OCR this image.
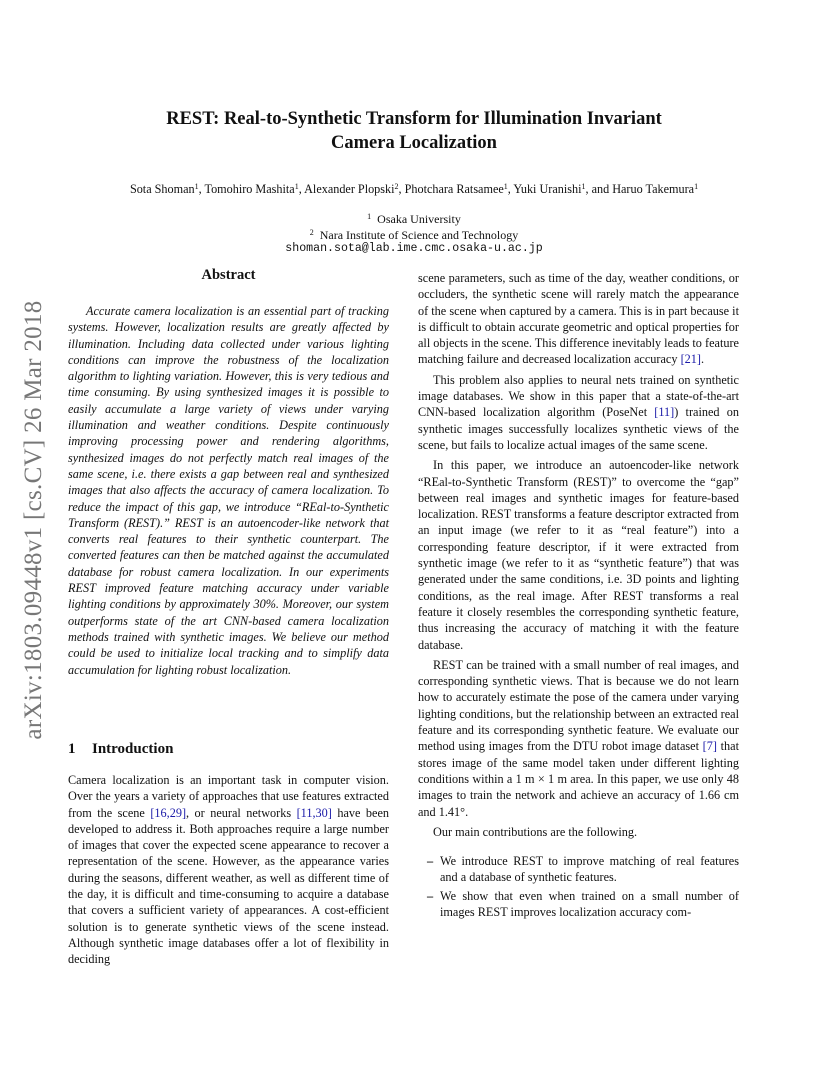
arXiv:1803.09448v1 [cs.CV] 26 Mar 2018
REST: Real-to-Synthetic Transform for Illumination Invariant
Camera Localization
Sota Shoman$^1$, Tomohiro Mashita$^1$, Alexander Plopski$^2$, Photchara Ratsamee$^1$, Yuki Uranishi$^1$, and Haruo Takemura$^1$
$^1$ Osaka University
$^2$ Nara Institute of Science and Technology
shoman.sota@lab.ime.cmc.osaka-u.ac.jp
Abstract

Accurate camera localization is an essential part of tracking systems. However, localization results are greatly affected by illumination. Including data collected under various lighting conditions can improve the robustness of the localization algorithm to lighting variation. However, this is very tedious and time consuming. By using synthesized images it is possible to easily accumulate a large variety of views under varying illumination and weather conditions. Despite continuously improving processing power and rendering algorithms, synthesized images do not perfectly match real images of the same scene, i.e. there exists a gap between real and synthesized images that also affects the accuracy of camera localization. To reduce the impact of this gap, we introduce “REal-to-Synthetic Transform (REST).” REST is an autoencoder-like network that converts real features to their synthetic counterpart. The converted features can then be matched against the accumulated database for robust camera localization. In our experiments REST improved feature matching accuracy under variable lighting conditions by approximately 30%. Moreover, our system outperforms state of the art CNN-based camera localization methods trained with synthetic images. We believe our method could be used to initialize local tracking and to simplify data accumulation for lighting robust localization.

1 Introduction

Camera localization is an important task in computer vision. Over the years a variety of approaches that use features extracted from the scene [16,29], or neural networks [11,30] have been developed to address it. Both approaches require a large number of images that cover the expected scene appearance to recover a representation of the scene. However, as the appearance varies during the seasons, different weather, as well as different time of the day, it is difficult and time-consuming to acquire a database that covers a sufficient variety of appearances. A cost-efficient solution is to generate synthetic views of the scene instead. Although synthetic image databases offer a lot of flexibility in deciding

scene parameters, such as time of the day, weather conditions, or occluders, the synthetic scene will rarely match the appearance of the scene when captured by a camera. This is in part because it is difficult to obtain accurate geometric and optical properties for all objects in the scene. This difference inevitably leads to feature matching failure and decreased localization accuracy [21].

This problem also applies to neural nets trained on synthetic image databases. We show in this paper that a state-of-the-art CNN-based localization algorithm (PoseNet [11]) trained on synthetic images successfully localizes synthetic views of the scene, but fails to localize actual images of the same scene.

In this paper, we introduce an autoencoder-like network “REal-to-Synthetic Transform (REST)” to overcome the “gap” between real images and synthetic images for feature-based localization. REST transforms a feature descriptor extracted from an input image (we refer to it as “real feature”) into a corresponding feature descriptor, if it were extracted from synthetic image (we refer to it as “synthetic feature”) that was generated under the same conditions, i.e. 3D points and lighting conditions, as the real image. After REST transforms a real feature it closely resembles the corresponding synthetic feature, thus increasing the accuracy of matching it with the feature database.

REST can be trained with a small number of real images, and corresponding synthetic views. That is because we do not learn how to accurately estimate the pose of the camera under varying lighting conditions, but the relationship between an extracted real feature and its corresponding synthetic feature. We evaluate our method using images from the DTU robot image dataset [7] that stores image of the same model taken under different lighting conditions within a 1 m × 1 m area. In this paper, we use only 48 images to train the network and achieve an accuracy of 1.66 cm and 1.41°.

Our main contributions are the following.

– We introduce REST to improve matching of real features and a database of synthetic features.
– We show that even when trained on a small number of images REST improves localization accuracy com-
